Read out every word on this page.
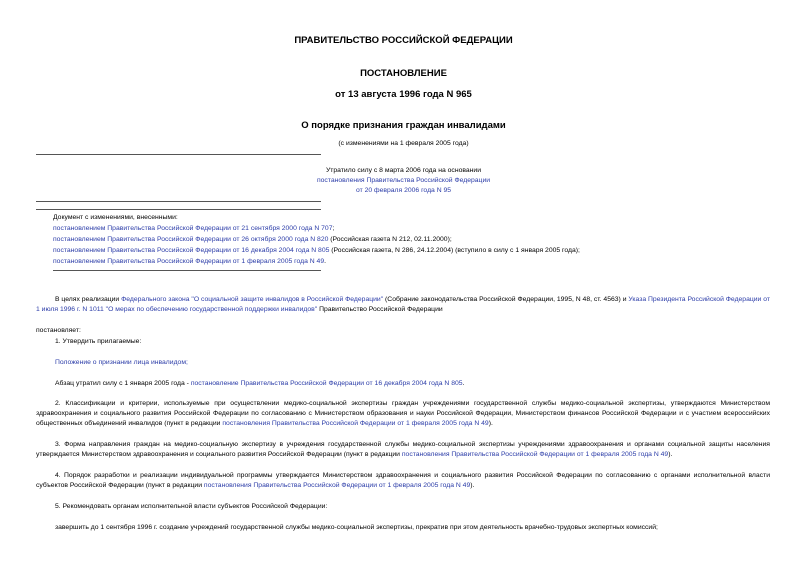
ПРАВИТЕЛЬСТВО РОССИЙСКОЙ ФЕДЕРАЦИИ
ПОСТАНОВЛЕНИЕ
от 13 августа 1996 года N 965
О порядке признания граждан инвалидами
(с изменениями на 1 февраля 2005 года)
Утратило силу с 8 марта 2006 года на основании
постановления Правительства Российской Федерации
от 20 февраля 2006 года N 95
Документ с изменениями, внесенными:
постановлением Правительства Российской Федерации от 21 сентября 2000 года N 707;
постановлением Правительства Российской Федерации от 26 октября 2000 года N 820 (Российская газета N 212, 02.11.2000);
постановлением Правительства Российской Федерации от 16 декабря 2004 года N 805 (Российская газета, N 286, 24.12.2004) (вступило в силу с 1 января 2005 года);
постановлением Правительства Российской Федерации от 1 февраля 2005 года N 49.
В целях реализации Федерального закона "О социальной защите инвалидов в Российской Федерации" (Собрание законодательства Российской Федерации, 1995, N 48, ст. 4563) и Указа Президента Российской Федерации от 1 июля 1996 г. N 1011 "О мерах по обеспечению государственной поддержки инвалидов" Правительство Российской Федерации
постановляет:
1. Утвердить прилагаемые:
Положение о признании лица инвалидом;
Абзац утратил силу с 1 января 2005 года - постановление Правительства Российской Федерации от 16 декабря 2004 года N 805.
2. Классификации и критерии, используемые при осуществлении медико-социальной экспертизы граждан учреждениями государственной службы медико-социальной экспертизы, утверждаются Министерством здравоохранения и социального развития Российской Федерации по согласованию с Министерством образования и науки Российской Федерации, Министерством финансов Российской Федерации и с участием всероссийских общественных объединений инвалидов (пункт в редакции постановления Правительства Российской Федерации от 1 февраля 2005 года N 49).
3. Форма направления граждан на медико-социальную экспертизу в учреждения государственной службы медико-социальной экспертизы учреждениями здравоохранения и органами социальной защиты населения утверждается Министерством здравоохранения и социального развития Российской Федерации (пункт в редакции постановления Правительства Российской Федерации от 1 февраля 2005 года N 49).
4. Порядок разработки и реализации индивидуальной программы утверждается Министерством здравоохранения и социального развития Российской Федерации по согласованию с органами исполнительной власти субъектов Российской Федерации (пункт в редакции постановления Правительства Российской Федерации от 1 февраля 2005 года N 49).
5. Рекомендовать органам исполнительной власти субъектов Российской Федерации:
завершить до 1 сентября 1996 г. создание учреждений государственной службы медико-социальной экспертизы, прекратив при этом деятельность врачебно-трудовых экспертных комиссий;
